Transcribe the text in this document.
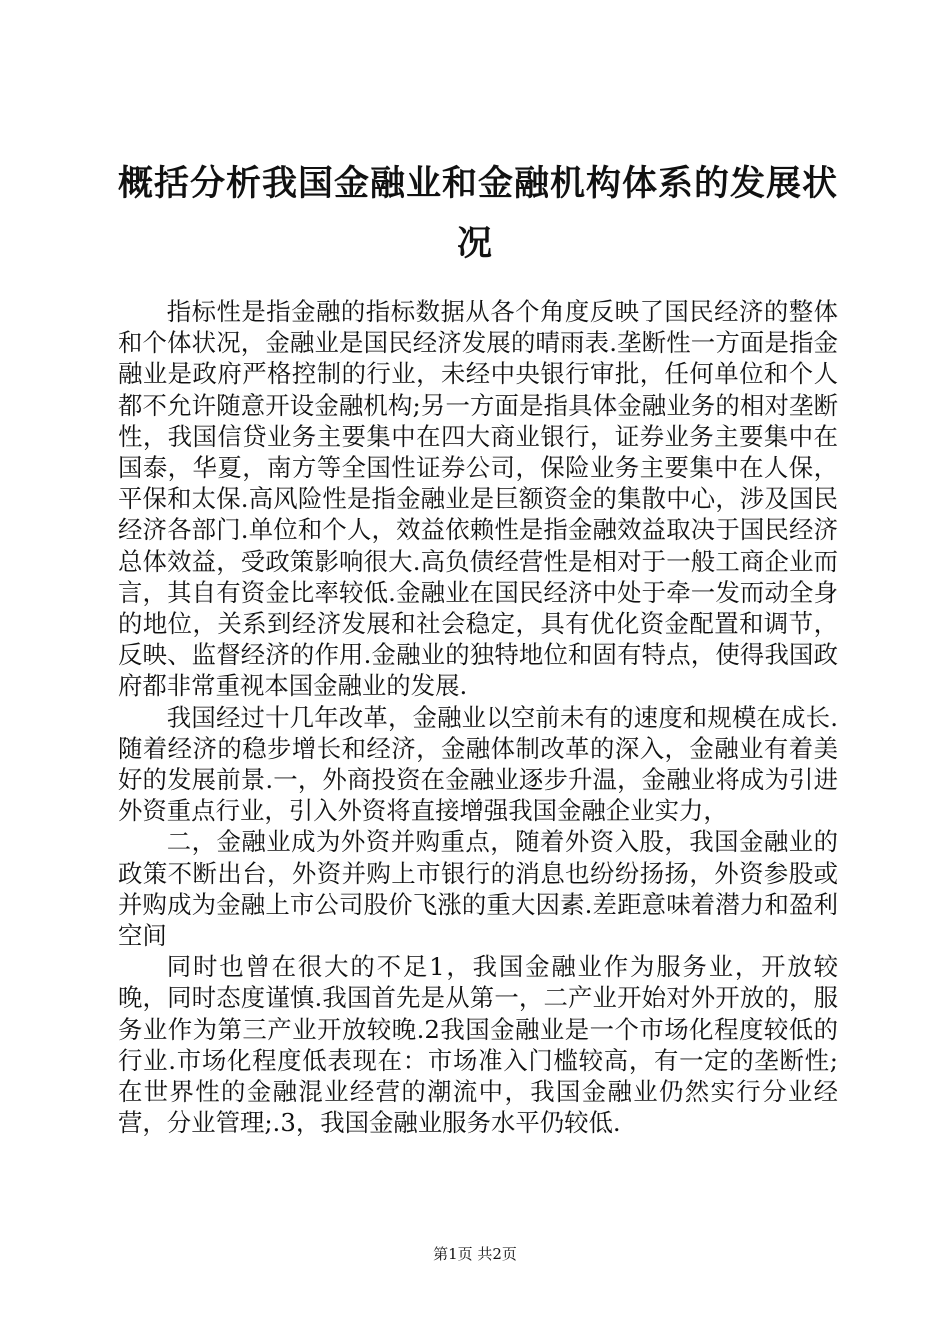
概括分析我国金融业和金融机构体系的发展状
况

指标性是指金融的指标数据从各个角度反映了国民经济的整体和个体状况，金融业是国民经济发展的晴雨表.垄断性一方面是指金融业是政府严格控制的行业，未经中央银行审批，任何单位和个人都不允许随意开设金融机构;另一方面是指具体金融业务的相对垄断性，我国信贷业务主要集中在四大商业银行，证券业务主要集中在国泰，华夏，南方等全国性证券公司，保险业务主要集中在人保，平保和太保.高风险性是指金融业是巨额资金的集散中心，涉及国民经济各部门.单位和个人，效益依赖性是指金融效益取决于国民经济总体效益，受政策影响很大.高负债经营性是相对于一般工商企业而言，其自有资金比率较低.金融业在国民经济中处于牵一发而动全身的地位，关系到经济发展和社会稳定，具有优化资金配置和调节，反映、监督经济的作用.金融业的独特地位和固有特点，使得我国政府都非常重视本国金融业的发展.

我国经过十几年改革，金融业以空前未有的速度和规模在成长.随着经济的稳步增长和经济，金融体制改革的深入，金融业有着美好的发展前景.一，外商投资在金融业逐步升温，金融业将成为引进外资重点行业，引入外资将直接增强我国金融企业实力，

二，金融业成为外资并购重点，随着外资入股，我国金融业的政策不断出台，外资并购上市银行的消息也纷纷扬扬，外资参股或并购成为金融上市公司股价飞涨的重大因素.差距意味着潜力和盈利空间

同时也曾在很大的不足1，我国金融业作为服务业，开放较晚，同时态度谨慎.我国首先是从第一，二产业开始对外开放的，服务业作为第三产业开放较晚.2我国金融业是一个市场化程度较低的行业.市场化程度低表现在：市场准入门槛较高，有一定的垄断性;在世界性的金融混业经营的潮流中，我国金融业仍然实行分业经营，分业管理;.3，我国金融业服务水平仍较低.

第1页 共2页
